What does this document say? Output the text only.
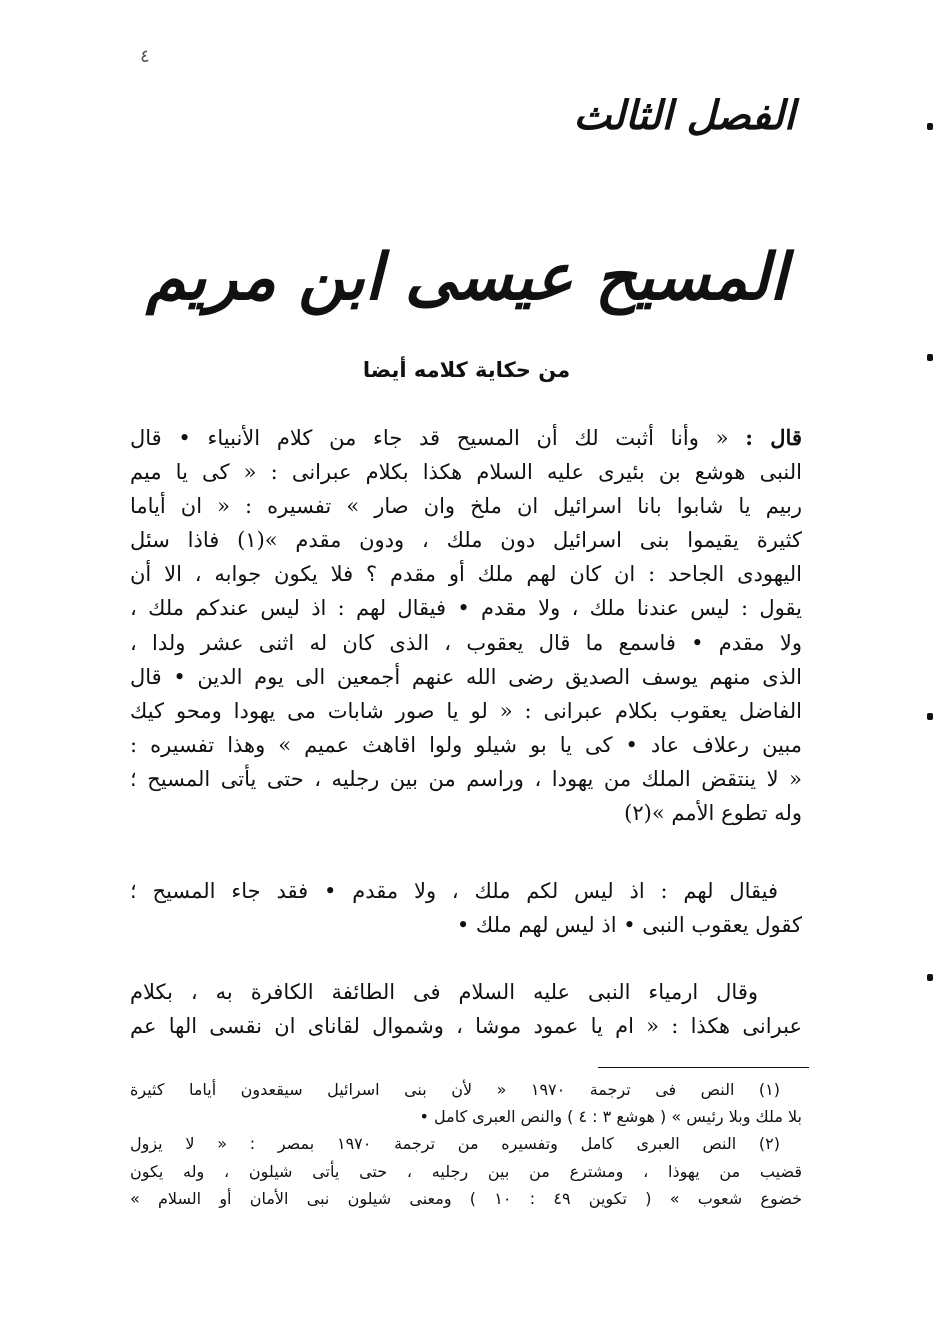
٤
الفصل الثالث
المسيح عيسى ابن مريم
من حكاية كلامه أيضا
قال : « وأنا أثبت لك أن المسيح قد جاء من كلام الأنبياء • قال
النبى هوشع بن بئيرى عليه السلام هكذا بكلام عبرانى : « كى يا ميم
ربيم يا شابوا بانا اسرائيل ان ملخ وان صار » تفسيره : « ان أياما
كثيرة يقيموا بنى اسرائيل دون ملك ، ودون مقدم »(١) فاذا سئل
اليهودى الجاحد : ان كان لهم ملك أو مقدم ؟ فلا يكون جوابه ، الا أن
يقول : ليس عندنا ملك ، ولا مقدم • فيقال لهم : اذ ليس عندكم ملك ،
ولا مقدم • فاسمع ما قال يعقوب ، الذى كان له اثنى عشر ولدا ،
الذى منهم يوسف الصديق رضى الله عنهم أجمعين الى يوم الدين • قال
الفاضل يعقوب بكلام عبرانى : « لو يا صور شابات مى يهودا ومحو كيك
مبين رعلاف عاد • كى يا بو شيلو ولوا اقاهث عميم » وهذا تفسيره :
« لا ينتقض الملك من يهودا ، وراسم من بين رجليه ، حتى يأتى المسيح ؛
وله تطوع الأمم »(٢)
فيقال لهم : اذ ليس لكم ملك ، ولا مقدم • فقد جاء المسيح ؛
كقول يعقوب النبى • اذ ليس لهم ملك •
وقال ارمياء النبى عليه السلام فى الطائفة الكافرة به ، بكلام
عبرانى هكذا : « ام يا عمود موشا ، وشموال لقاناى ان نقسى الها عم
(١) النص فى ترجمة ١٩٧٠ « لأن بنى اسرائيل سيقعدون أياما كثيرة
بلا ملك وبلا رئيس » ( هوشع ٣ : ٤ ) والنص العبرى كامل •
(٢) النص العبرى كامل وتفسيره من ترجمة ١٩٧٠ بمصر : « لا يزول
قضيب من يهوذا ، ومشترع من بين رجليه ، حتى يأتى شيلون ، وله يكون
خضوع شعوب » ( تكوين ٤٩ : ١٠ ) ومعنى شيلون نبى الأمان أو السلام »
